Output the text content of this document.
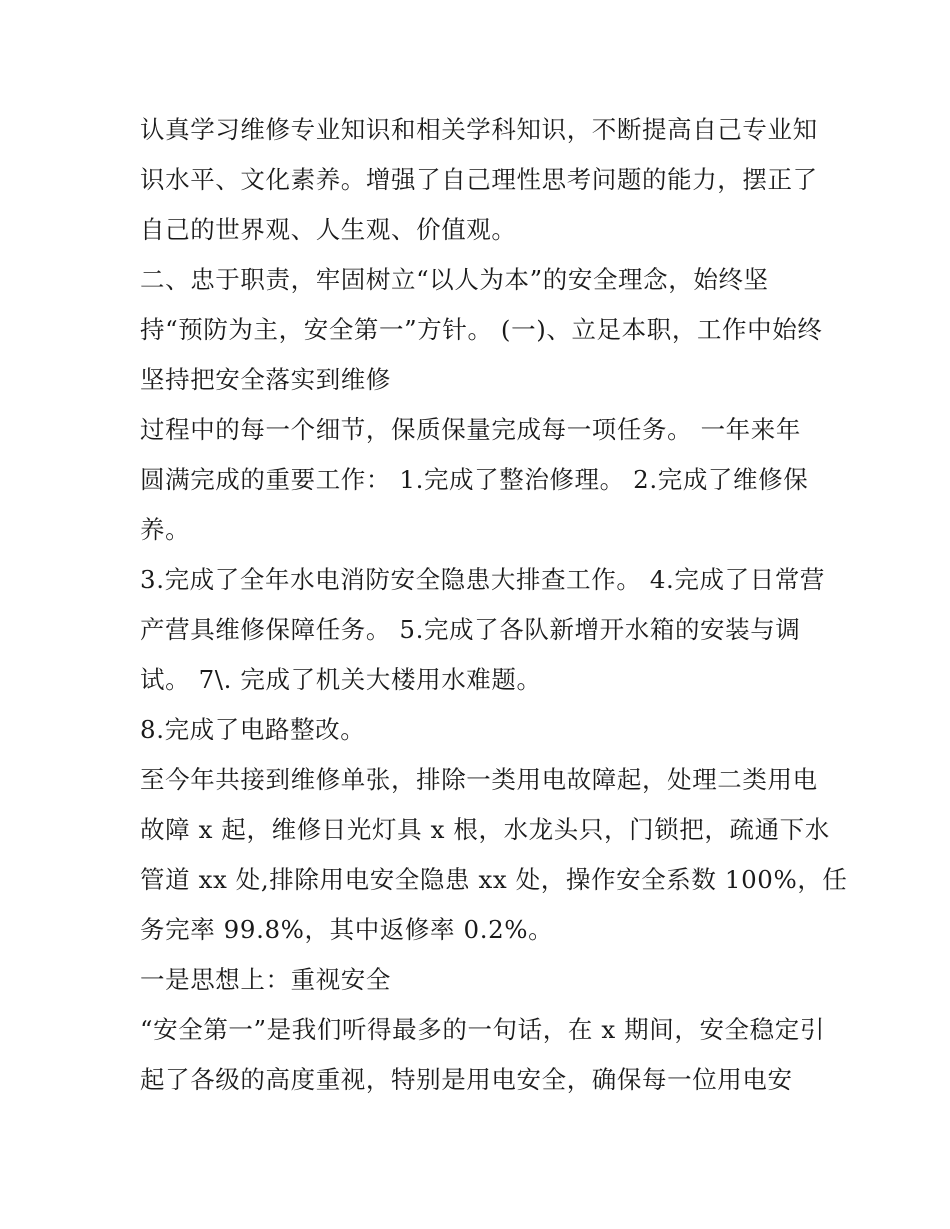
认真学习维修专业知识和相关学科知识，不断提高自己专业知
识水平、文化素养。增强了自己理性思考问题的能力，摆正了
自己的世界观、人生观、价值观。
二、忠于职责，牢固树立“以人为本”的安全理念，始终坚
持“预防为主，安全第一”方针。 (一)、立足本职，工作中始终
坚持把安全落实到维修
过程中的每一个细节，保质保量完成每一项任务。 一年来年
圆满完成的重要工作： 1.完成了整治修理。 2.完成了维修保
养。
3.完成了全年水电消防安全隐患大排查工作。 4.完成了日常营
产营具维修保障任务。 5.完成了各队新增开水箱的安装与调
试。 7\. 完成了机关大楼用水难题。
8.完成了电路整改。
至今年共接到维修单张，排除一类用电故障起，处理二类用电
故障 x 起，维修日光灯具 x 根，水龙头只，门锁把，疏通下水
管道 xx 处,排除用电安全隐患 xx 处，操作安全系数 100%，任
务完率 99.8%，其中返修率 0.2%。
一是思想上：重视安全
“安全第一”是我们听得最多的一句话，在 x 期间，安全稳定引
起了各级的高度重视，特别是用电安全，确保每一位用电安
